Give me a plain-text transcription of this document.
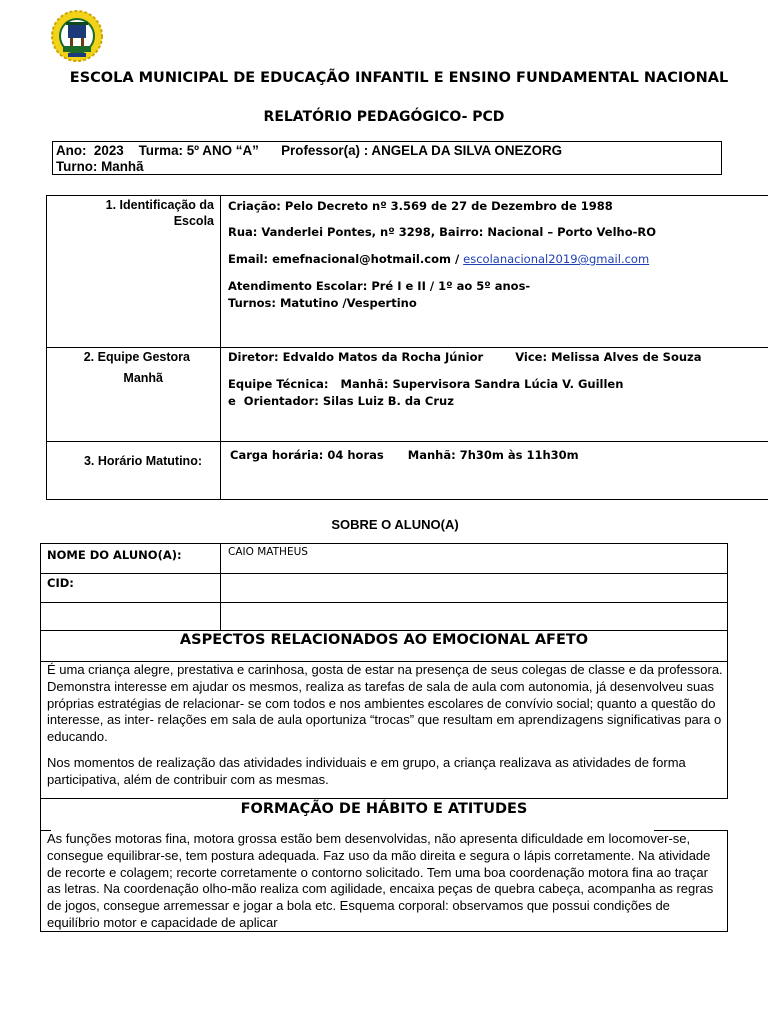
ESCOLA MUNICIPAL DE EDUCAÇÃO INFANTIL E ENSINO FUNDAMENTAL NACIONAL
RELATÓRIO PEDAGÓGICO- PCD
Ano:  2023    Turma: 5º ANO “A”      Professor(a) : ANGELA DA SILVA ONEZORG
Turno: Manhã
1. Identificação da
Escola
Criação: Pelo Decreto nº 3.569 de 27 de Dezembro de 1988
Rua: Vanderlei Pontes, nº 3298, Bairro: Nacional – Porto Velho-RO
Email: emefnacional@hotmail.com / escolanacional2019@gmail.com
Atendimento Escolar: Pré I e II / 1º ao 5º anos-
Turnos: Matutino /Vespertino
2. Equipe Gestora
Manhã
Diretor: Edvaldo Matos da Rocha Júnior        Vice: Melissa Alves de Souza
Equipe Técnica:   Manhã: Supervisora Sandra Lúcia V. Guillen
e  Orientador: Silas Luiz B. da Cruz
3. Horário Matutino: Carga horária: 04 horas      Manhã: 7h30m às 11h30m
SOBRE O ALUNO(A)
NOME DO ALUNO(A):	CAIO MATHEUS
CID:
ASPECTOS RELACIONADOS AO EMOCIONAL AFETO
É uma criança alegre, prestativa e carinhosa, gosta de estar na presença de seus colegas de classe e da professora. Demonstra interesse em ajudar os mesmos, realiza as tarefas de sala de aula com autonomia, já desenvolveu suas próprias estratégias de relacionar- se com todos e nos ambientes escolares de convívio social; quanto a questão do interesse, as inter- relações em sala de aula oportuniza “trocas” que resultam em aprendizagens significativas para o educando.
Nos momentos de realização das atividades individuais e em grupo, a criança realizava as atividades de forma participativa, além de contribuir com as mesmas.
FORMAÇÃO DE HÁBITO E ATITUDES
As funções motoras fina, motora grossa estão bem desenvolvidas, não apresenta dificuldade em locomover-se, consegue equilibrar-se, tem postura adequada. Faz uso da mão direita e segura o lápis corretamente. Na atividade de recorte e colagem; recorte corretamente o contorno solicitado. Tem uma boa coordenação motora fina ao traçar as letras. Na coordenação olho-mão realiza com agilidade, encaixa peças de quebra cabeça, acompanha as regras de jogos, consegue arremessar e jogar a bola etc. Esquema corporal: observamos que possui condições de equilíbrio motor e capacidade de aplicar
